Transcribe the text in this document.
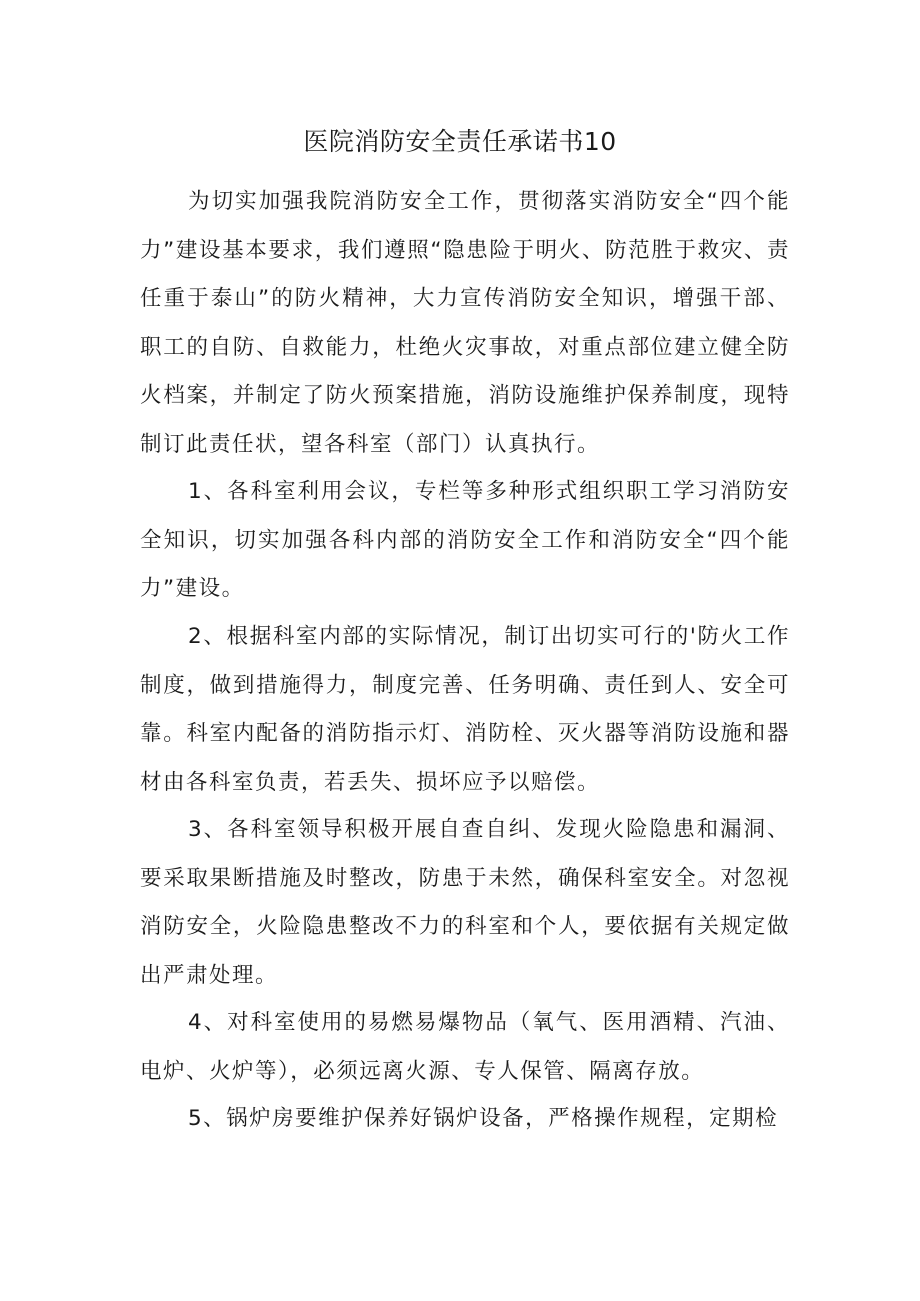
医院消防安全责任承诺书10

为切实加强我院消防安全工作，贯彻落实消防安全“四个能力”建设基本要求，我们遵照“隐患险于明火、防范胜于救灾、责任重于泰山”的防火精神，大力宣传消防安全知识，增强干部、职工的自防、自救能力，杜绝火灾事故，对重点部位建立健全防火档案，并制定了防火预案措施，消防设施维护保养制度，现特制订此责任状，望各科室（部门）认真执行。

1、各科室利用会议，专栏等多种形式组织职工学习消防安全知识，切实加强各科内部的消防安全工作和消防安全“四个能力”建设。

2、根据科室内部的实际情况，制订出切实可行的'防火工作制度，做到措施得力，制度完善、任务明确、责任到人、安全可靠。科室内配备的消防指示灯、消防栓、灭火器等消防设施和器材由各科室负责，若丢失、损坏应予以赔偿。

3、各科室领导积极开展自查自纠、发现火险隐患和漏洞、要采取果断措施及时整改，防患于未然，确保科室安全。对忽视消防安全，火险隐患整改不力的科室和个人，要依据有关规定做出严肃处理。

4、对科室使用的易燃易爆物品（氧气、医用酒精、汽油、电炉、火炉等），必须远离火源、专人保管、隔离存放。

5、锅炉房要维护保养好锅炉设备，严格操作规程，定期检
